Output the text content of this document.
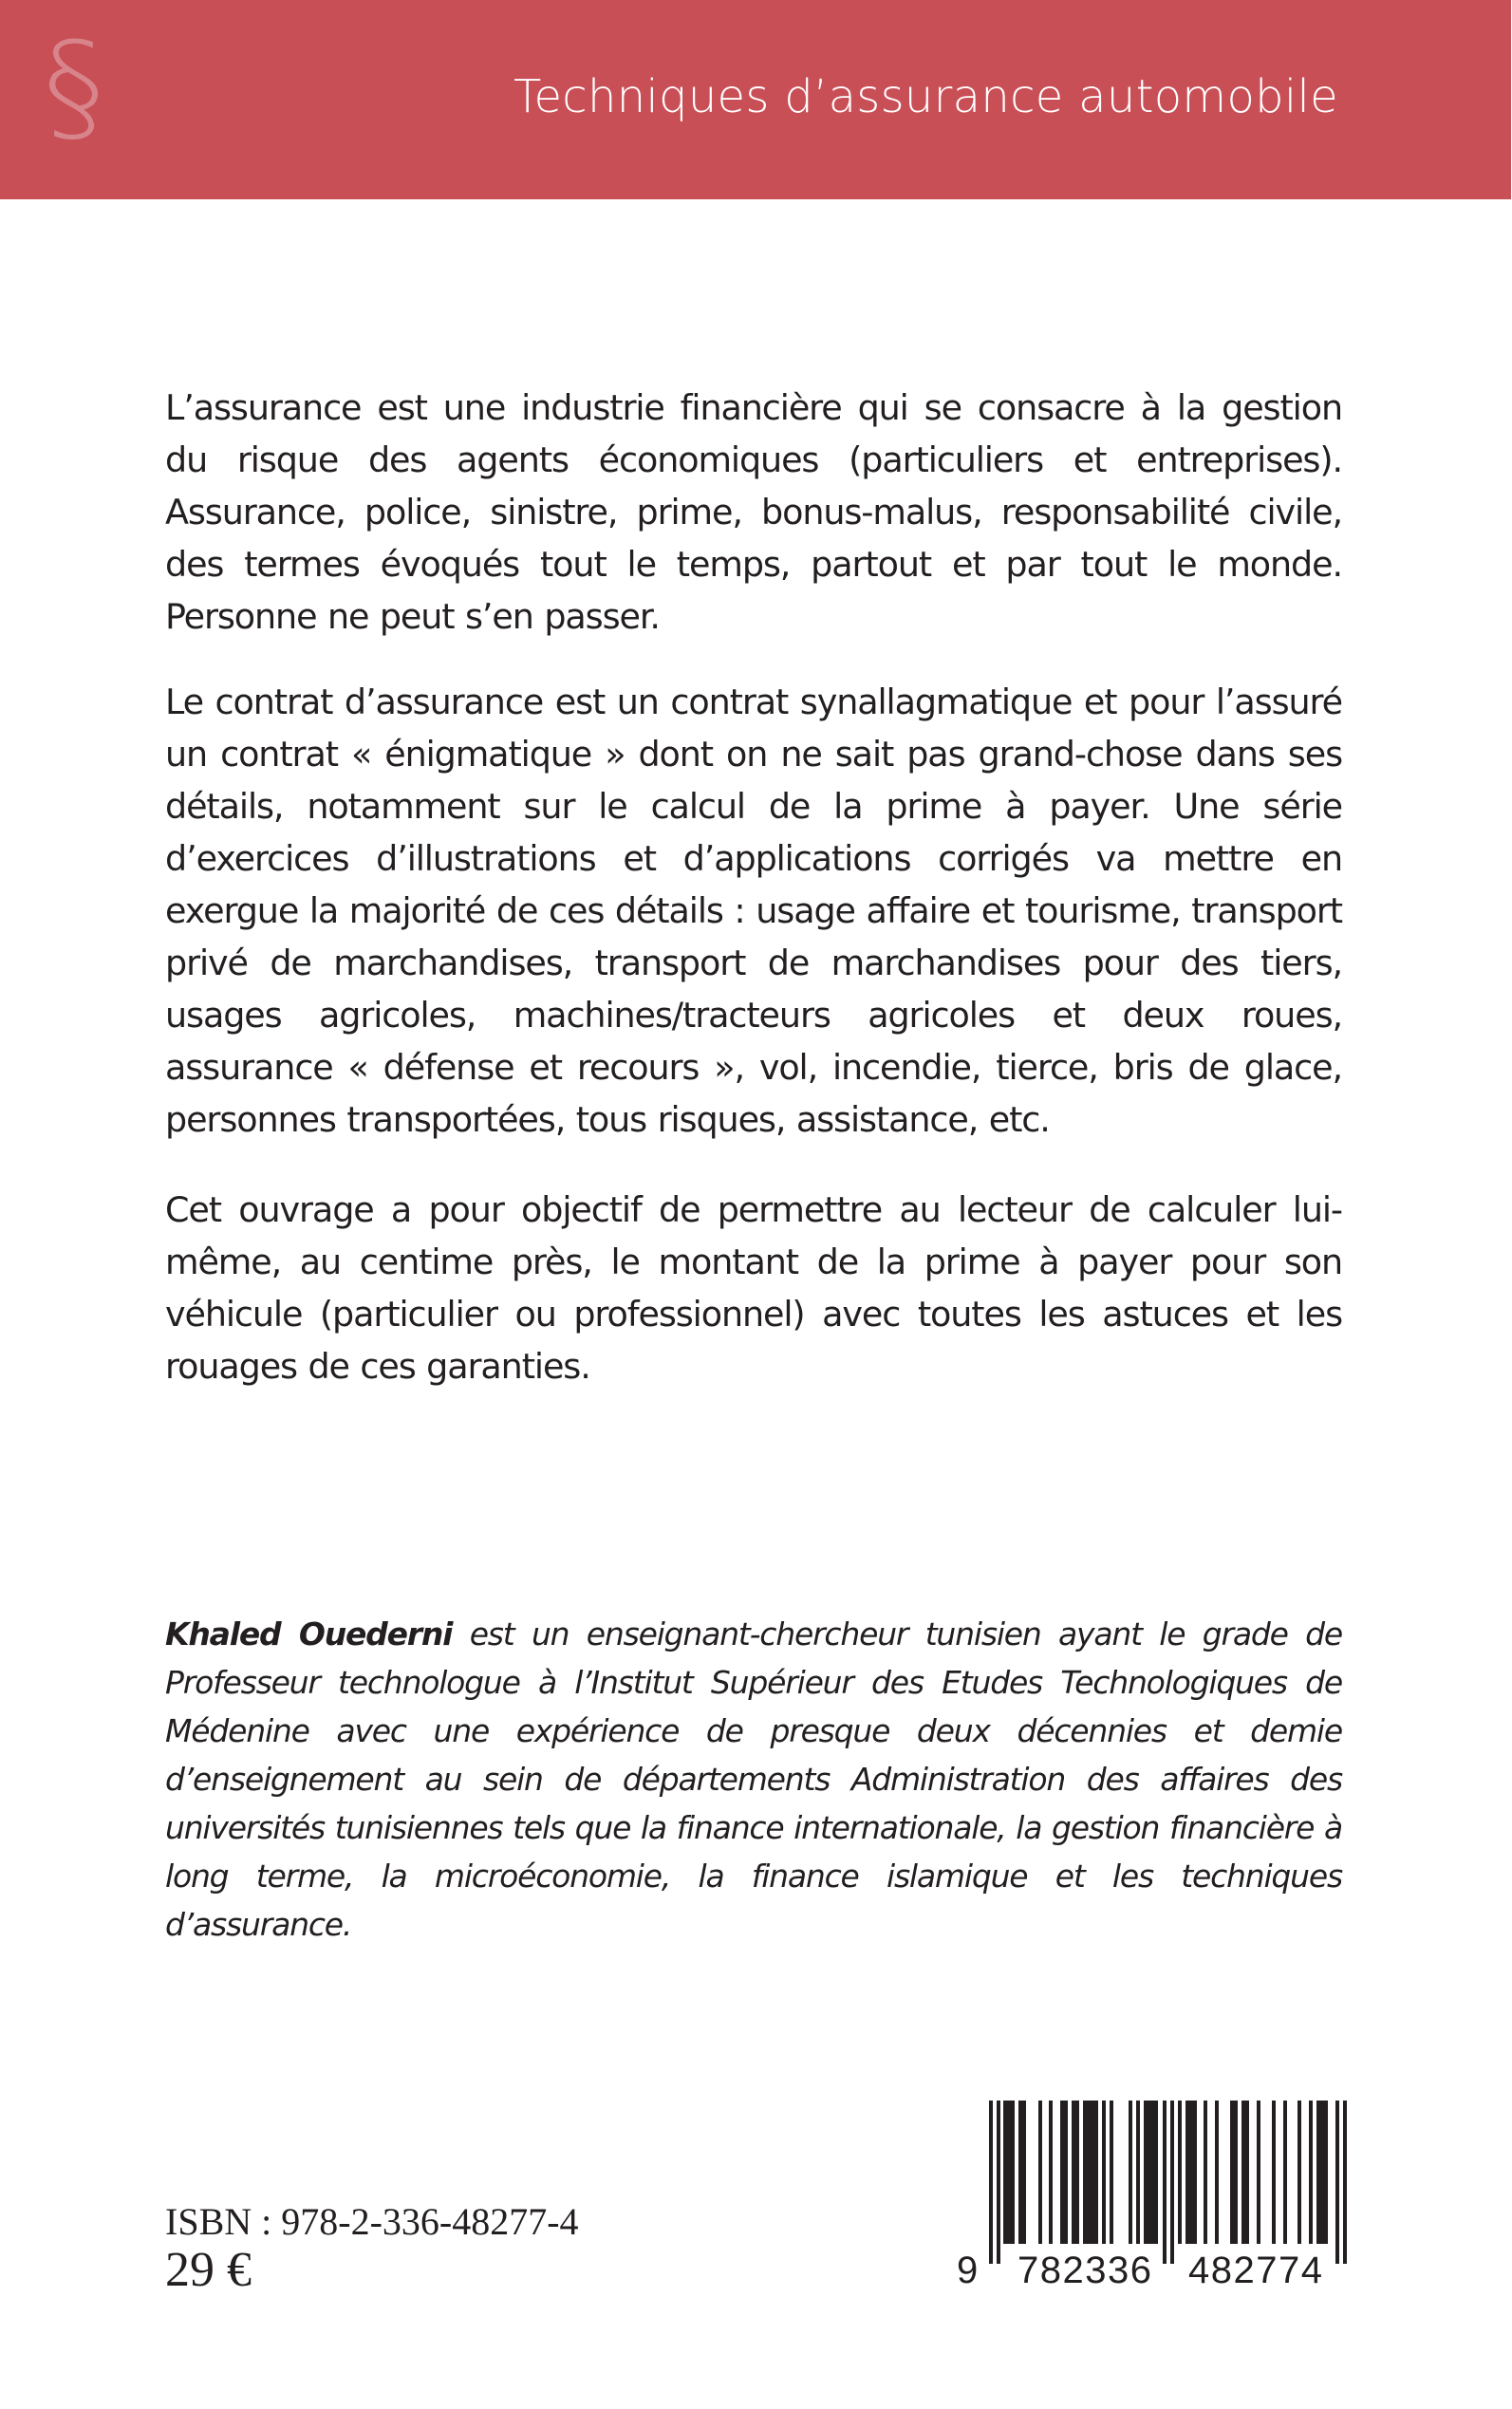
§	Techniques d’assurance automobile

L’assurance est une industrie financière qui se consacre à la gestion du risque des agents économiques (particuliers et entreprises). Assurance, police, sinistre, prime, bonus-malus, responsabilité civile, des termes évoqués tout le temps, partout et par tout le monde. Personne ne peut s’en passer.

Le contrat d’assurance est un contrat synallagmatique et pour l’assuré un contrat « énigmatique » dont on ne sait pas grand-chose dans ses détails, notamment sur le calcul de la prime à payer. Une série d’exercices d’illustrations et d’applications corrigés va mettre en exergue la majorité de ces détails : usage affaire et tourisme, transport privé de marchandises, transport de marchandises pour des tiers, usages agricoles, machines/tracteurs agricoles et deux roues, assurance « défense et recours », vol, incendie, tierce, bris de glace, personnes transportées, tous risques, assistance, etc.

Cet ouvrage a pour objectif de permettre au lecteur de calculer lui-même, au centime près, le montant de la prime à payer pour son véhicule (particulier ou professionnel) avec toutes les astuces et les rouages de ces garanties.

Khaled Ouederni est un enseignant-chercheur tunisien ayant le grade de Professeur technologue à l’Institut Supérieur des Etudes Technologiques de Médenine avec une expérience de presque deux décennies et demie d’enseignement au sein de départements Administration des affaires des universités tunisiennes tels que la finance internationale, la gestion financière à long terme, la microéconomie, la finance islamique et les techniques d’assurance.

ISBN : 978-2-336-48277-4
29 €	9 782336 482774
